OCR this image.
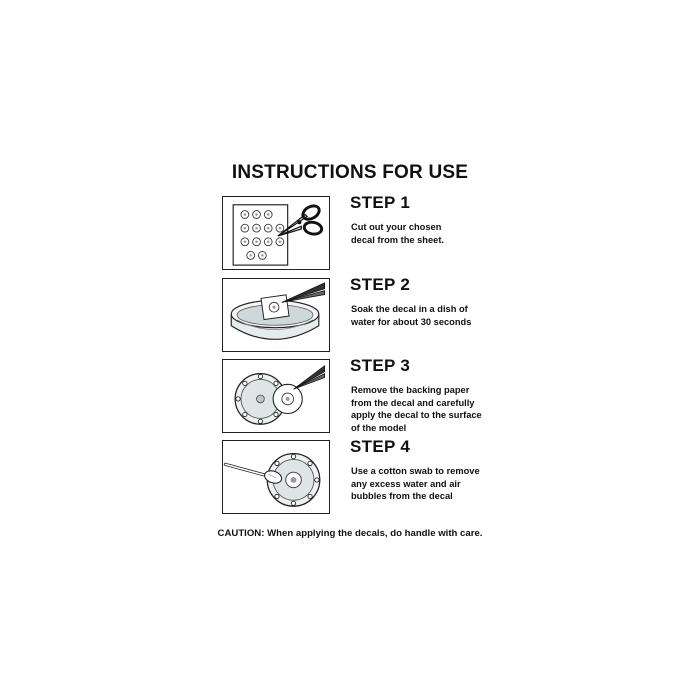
INSTRUCTIONS FOR USE
STEP 1
Cut out your chosen
decal from the sheet.
STEP 2
Soak the decal in a dish of
water for about 30 seconds
STEP 3
Remove the backing paper
from the decal and carefully
apply the decal to the surface
of the model
STEP 4
Use a cotton swab to remove
any excess water and air
bubbles from the decal
CAUTION: When applying the decals, do handle with care.
